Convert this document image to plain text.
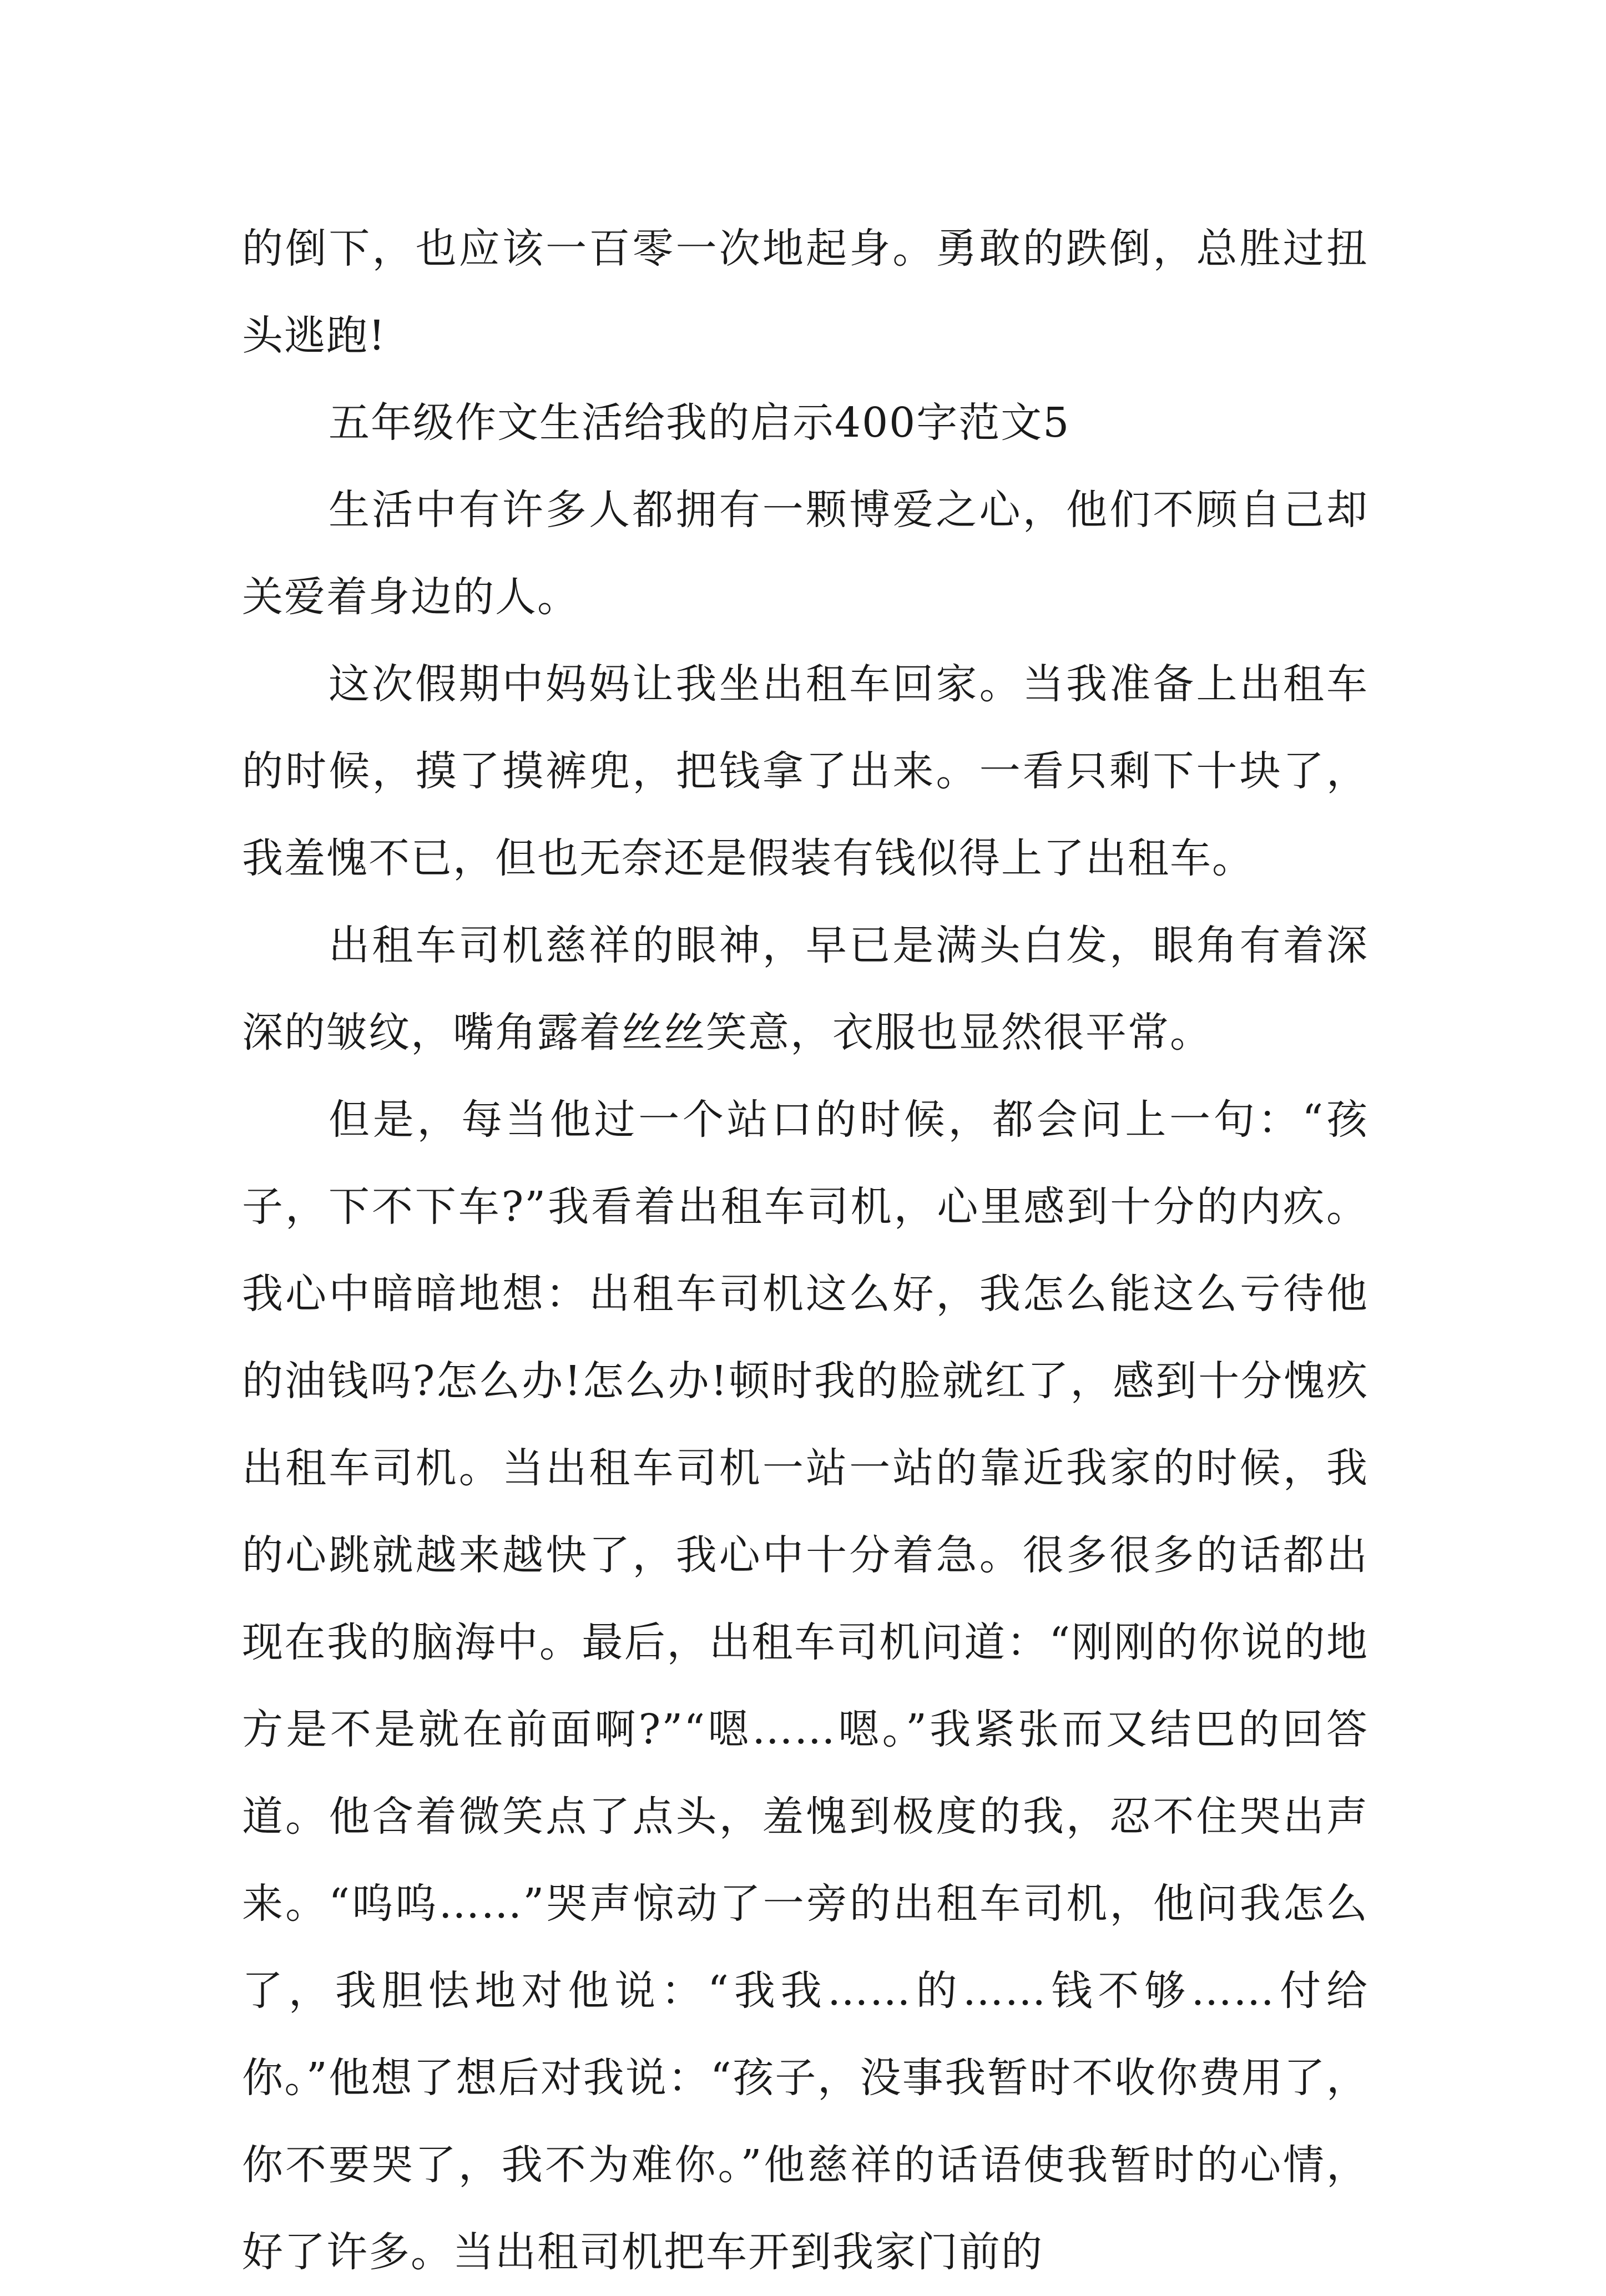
的倒下，也应该一百零一次地起身。勇敢的跌倒，总胜过扭头逃跑!

五年级作文生活给我的启示400字范文5

生活中有许多人都拥有一颗博爱之心，他们不顾自己却关爱着身边的人。

这次假期中妈妈让我坐出租车回家。当我准备上出租车的时候，摸了摸裤兜，把钱拿了出来。一看只剩下十块了，我羞愧不已，但也无奈还是假装有钱似得上了出租车。

出租车司机慈祥的眼神，早已是满头白发，眼角有着深深的皱纹，嘴角露着丝丝笑意，衣服也显然很平常。

但是，每当他过一个站口的时候，都会问上一句：“孩子，下不下车?”我看着出租车司机，心里感到十分的内疚。我心中暗暗地想：出租车司机这么好，我怎么能这么亏待他的油钱吗?怎么办!怎么办!顿时我的脸就红了，感到十分愧疚出租车司机。当出租车司机一站一站的靠近我家的时候，我的心跳就越来越快了，我心中十分着急。很多很多的话都出现在我的脑海中。最后，出租车司机问道：“刚刚的你说的地方是不是就在前面啊?”“嗯……嗯。”我紧张而又结巴的回答道。他含着微笑点了点头，羞愧到极度的我，忍不住哭出声来。“呜呜……”哭声惊动了一旁的出租车司机，他问我怎么了，我胆怯地对他说：“我我……的……钱不够……付给你。”他想了想后对我说：“孩子，没事我暂时不收你费用了，你不要哭了，我不为难你。”他慈祥的话语使我暂时的心情，好了许多。当出租司机把车开到我家门前的
